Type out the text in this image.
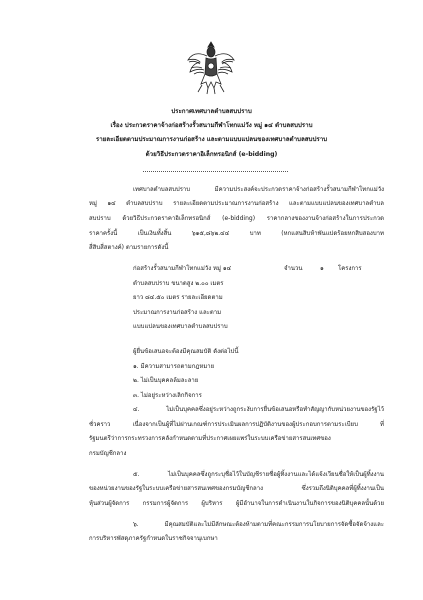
ประกาศเทศบาลตำบลสบปราบ
เรื่อง ประกวดราคาจ้างก่อสร้างรั้วสนามกีฬาโทกแม่วัง หมู่ ๑๔ ตำบลสบปราบ
รายละเอียดตามประมาณการงานก่อสร้าง และตามแบบแปลนของเทศบาลตำบลสบปราบ
ด้วยวิธีประกวดราคาอิเล็กทรอนิกส์ (e-bidding)
เทศบาลตำบลสบปราบ มีความประสงค์จะประกวดราคาจ้างก่อสร้างรั้วสนามกีฬาโทกแม่วัง
หมู่ ๑๔ ตำบลสบปราบ รายละเอียดตามประมาณการงานก่อสร้าง และตามแบบแปลนของเทศบาลตำบล
สบปราบ ด้วยวิธีประกวดราคาอิเล็กทรอนิกส์ (e-bidding) ราคากลางของงานจ้างก่อสร้างในการประกวด
ราคาครั้งนี้ เป็นเงินทั้งสิ้น ๖๑๕,๘๖๒.๔๔ บาท (หกแสนสิบห้าพันแปดร้อยหกสิบสองบาท
สี่สิบสี่สตางค์) ตามรายการดังนี้
ก่อสร้างรั้วสนามกีฬาโทกแม่วัง หมู่ ๑๔	จำนวน	๑ โครงการ
ตำบลสบปราบ ขนาดสูง ๒.๐๐ เมตร
ยาว ๘๔.๕๐ เมตร รายละเอียดตาม
ประมาณการงานก่อสร้าง และตาม
แบบแปลนของเทศบาลตำบลสบปราบ
ผู้ยื่นข้อเสนอจะต้องมีคุณสมบัติ ดังต่อไปนี้
๑. มีความสามารถตามกฎหมาย
๒. ไม่เป็นบุคคลล้มละลาย
๓. ไม่อยู่ระหว่างเลิกกิจการ
๔. ไม่เป็นบุคคลซึ่งอยู่ระหว่างถูกระงับการยื่นข้อเสนอหรือทำสัญญากับหน่วยงานของรัฐไว้
ชั่วคราว เนื่องจากเป็นผู้ที่ไม่ผ่านเกณฑ์การประเมินผลการปฏิบัติงานของผู้ประกอบการตามระเบียบ ที่
รัฐมนตรีว่าการกระทรวงการคลังกำหนดตามที่ประกาศเผยแพร่ในระบบเครือข่ายสารสนเทศของ
กรมบัญชีกลาง
๕. ไม่เป็นบุคคลซึ่งถูกระบุชื่อไว้ในบัญชีรายชื่อผู้ทิ้งงานและได้แจ้งเวียนชื่อให้เป็นผู้ทิ้งงาน
ของหน่วยงานของรัฐในระบบเครือข่ายสารสนเทศของกรมบัญชีกลาง ซึ่งรวมถึงนิติบุคคลที่ผู้ทิ้งงานเป็น
หุ้นส่วนผู้จัดการ กรรมการผู้จัดการ ผู้บริหาร ผู้มีอำนาจในการดำเนินงานในกิจการของนิติบุคคลนั้นด้วย
๖. มีคุณสมบัติและไม่มีลักษณะต้องห้ามตามที่คณะกรรมการนโยบายการจัดซื้อจัดจ้างและ
การบริหารพัสดุภาครัฐกำหนดในราชกิจจานุเบกษา
